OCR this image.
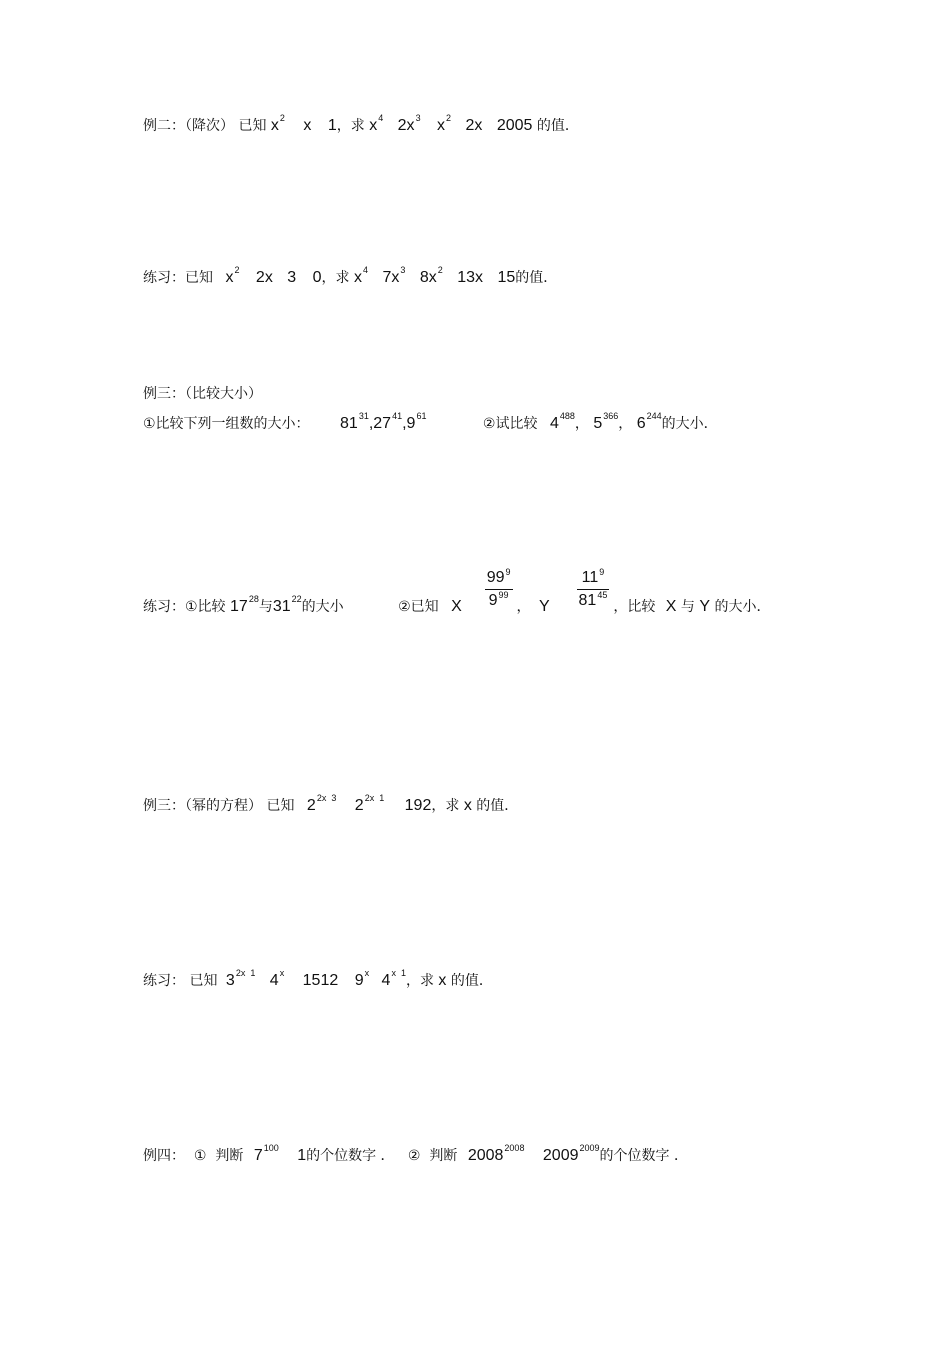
例二：（降次） 已知 $x^2$ x 1，求 $x^4$ $2x^3$ $x^2$ 2x 2005 的值．
练习：已知 $x^2$ 2x 3 0，求 $x^4$ $7x^3$ $8x^2$ 13x 15的值．
例三：（比较大小）
①比较下列一组数的大小： $81^{31},27^{41},9^{61}$	②试比较 $4^{488}$， $5^{366}$， $6^{244}$的大小．
练习：①比较 $17_{28}$与$31_{22}$的大小	②已知 X $\frac{99^9}{9^{99}}$ ， Y $\frac{11^9}{81^{45}}$ ，比较 X 与 Y 的大小．
例三：（幂的方程） 已知 $2^{2x 3}$ $2^{2x 1}$ 192，求 x 的值．
练习： 已知 $3^{2x 1}$ 4$^x$ 1512 9$^x$ $4^{x 1}$，求 x 的值．
例四：  ①  判断 $7^{100}$ 1的个位数字 ．   ②  判断 $2008^{2008}$ $2009^{2009}$的个位数字 ．
